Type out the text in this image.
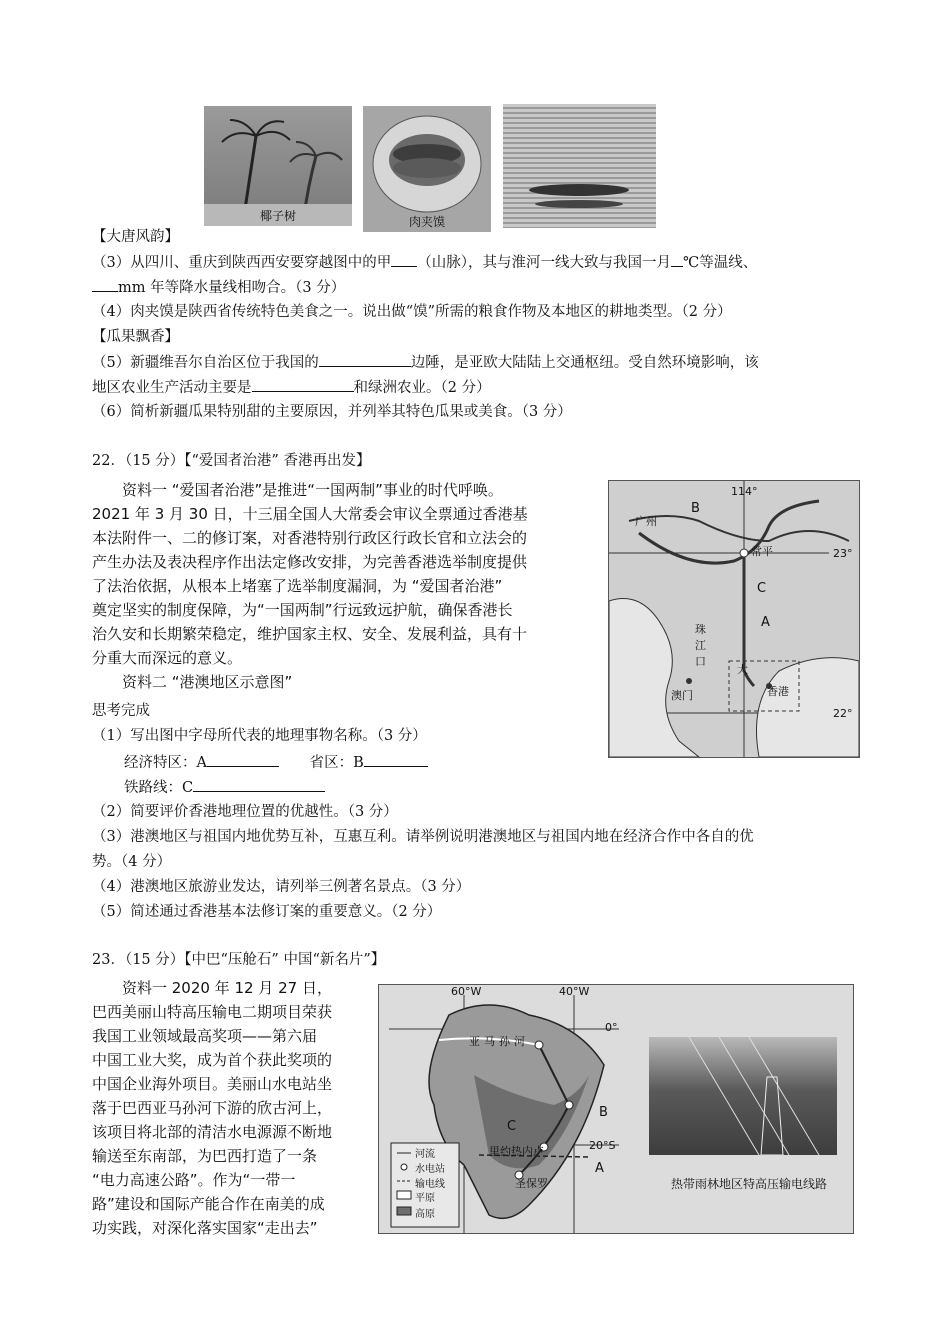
椰子树	肉夹馍
【大唐风韵】
（3）从四川、重庆到陕西西安要穿越图中的甲 （山脉），其与淮河一线大致与我国一月 ℃等温线、
mm 年等降水量线相吻合。（3 分）
（4）肉夹馍是陕西省传统特色美食之一。说出做“馍”所需的粮食作物及本地区的耕地类型。（2 分）
【瓜果飘香】
（5）新疆维吾尔自治区位于我国的	边陲，是亚欧大陆陆上交通枢纽。受自然环境影响，该
地区农业生产活动主要是	和绿洲农业。（2 分）
（6）简析新疆瓜果特别甜的主要原因，并列举其特色瓜果或美食。（3 分）
22．（15 分）【“爱国者治港” 香港再出发】
资料一 “爱国者治港”是推进“一国两制”事业的时代呼唤。
2021 年 3 月 30 日，十三届全国人大常委会审议全票通过香港基
本法附件一、二的修订案，对香港特别行政区行政长官和立法会的
产生办法及表决程序作出法定修改安排，为完善香港选举制度提供
了法治依据，从根本上堵塞了选举制度漏洞，为 “爱国者治港”
奠定坚实的制度保障，为“一国两制”行远致远护航，确保香港长
治久安和长期繁荣稳定，维护国家主权、安全、发展利益，具有十
分重大而深远的意义。
资料二 “港澳地区示意图”
114°
23°
22°
广州
常平
B
C
A
珠
江
口
大
澳门	香港
思考完成
（1）写出图中字母所代表的地理事物名称。（3 分）
经济特区：A	省区：B
铁路线：C
（2）简要评价香港地理位置的优越性。（3 分）
（3）港澳地区与祖国内地优势互补，互惠互利。请举例说明港澳地区与祖国内地在经济合作中各自的优
势。（4 分）
（4）港澳地区旅游业发达，请列举三例著名景点。（3 分）
（5）简述通过香港基本法修订案的重要意义。（2 分）
23．（15 分）【中巴“压舱石” 中国“新名片”】
资料一 2020 年 12 月 27 日，
巴西美丽山特高压输电二期项目荣获
我国工业领域最高奖项——第六届
中国工业大奖，成为首个获此奖项的
中国企业海外项目。美丽山水电站坐
落于巴西亚马孙河下游的欣古河上，
该项目将北部的清洁水电源源不断地
输送至东南部，为巴西打造了一条
“电力高速公路”。作为“一带一
路”建设和国际产能合作在南美的成
功实践，对深化落实国家“走出去”
60°W	40°W
0°
20°S
亚马孙河
里约热内卢
圣保罗
A
B
C
河流
水电站
输电线
平原
高原
热带雨林地区特高压输电线路
